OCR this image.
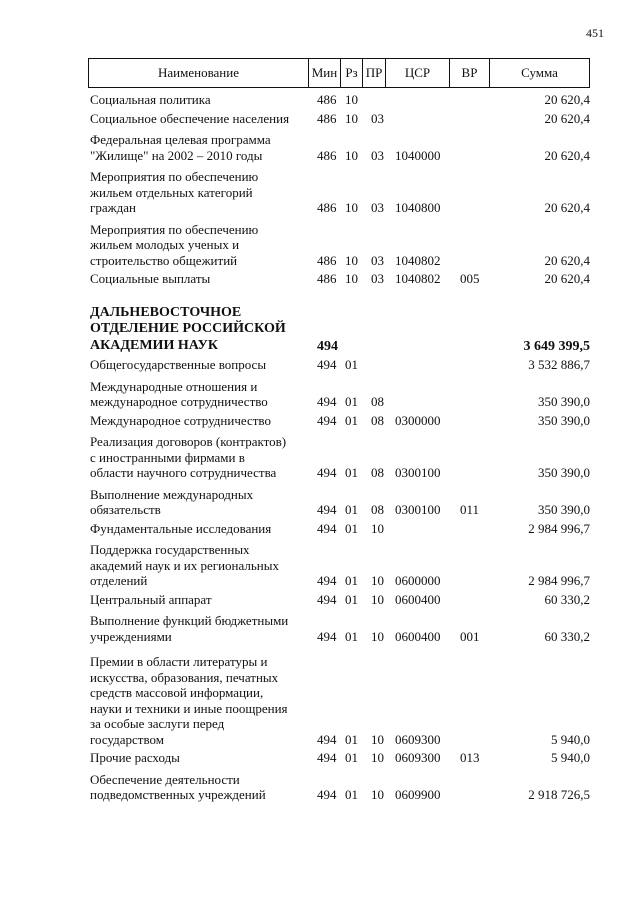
451
Наименование	Мин Рз ПР	ЦСР	ВР	Сумма
Социальная политика	486 10	20 620,4
Социальное обеспечение населения	486 10 03	20 620,4
Федеральная целевая программа
"Жилище" на 2002 – 2010 годы	486 10 03 1040000	20 620,4
Мероприятия по обеспечению
жильем отдельных категорий
граждан	486 10 03 1040800	20 620,4
Мероприятия по обеспечению
жильем молодых ученых и
строительство общежитий	486 10 03 1040802	20 620,4
Социальные выплаты	486 10 03 1040802 005	20 620,4
ДАЛЬНЕВОСТОЧНОЕ
ОТДЕЛЕНИЕ РОССИЙСКОЙ
АКАДЕМИИ НАУК	494	3 649 399,5
Общегосударственные вопросы	494 01	3 532 886,7
Международные отношения и
международное сотрудничество	494 01 08	350 390,0
Международное сотрудничество	494 01 08 0300000	350 390,0
Реализация договоров (контрактов)
с иностранными фирмами в
области научного сотрудничества	494 01 08 0300100	350 390,0
Выполнение международных
обязательств	494 01 08 0300100 011	350 390,0
Фундаментальные исследования	494 01 10	2 984 996,7
Поддержка государственных
академий наук и их региональных
отделений	494 01 10 0600000	2 984 996,7
Центральный аппарат	494 01 10 0600400	60 330,2
Выполнение функций бюджетными
учреждениями	494 01 10 0600400 001	60 330,2
Премии в области литературы и
искусства, образования, печатных
средств массовой информации,
науки и техники и иные поощрения
за особые заслуги перед
государством	494 01 10 0609300	5 940,0
Прочие расходы	494 01 10 0609300 013	5 940,0
Обеспечение деятельности
подведомственных учреждений	494 01 10 0609900	2 918 726,5
